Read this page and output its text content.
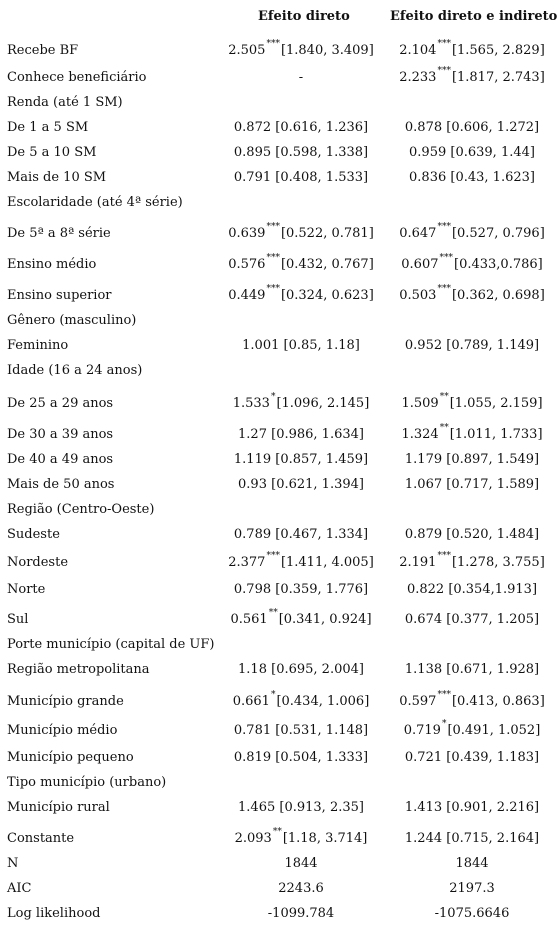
Efeito direto	Efeito direto e indireto
Recebe BF	2.505***[1.840, 3.409]	2.104***[1.565, 2.829]
Conhece beneficiário	-	2.233***[1.817, 2.743]
Renda (até 1 SM)
De 1 a 5 SM	0.872 [0.616, 1.236]	0.878 [0.606, 1.272]
De 5 a 10 SM	0.895 [0.598, 1.338]	0.959 [0.639, 1.44]
Mais de 10 SM	0.791 [0.408, 1.533]	0.836 [0.43, 1.623]
Escolaridade (até 4ª série)
De 5ª a 8ª série	0.639***[0.522, 0.781]	0.647***[0.527, 0.796]
Ensino médio	0.576***[0.432, 0.767]	0.607***[0.433,0.786]
Ensino superior	0.449***[0.324, 0.623]	0.503***[0.362, 0.698]
Gênero (masculino)
Feminino	1.001 [0.85, 1.18]	0.952 [0.789, 1.149]
Idade (16 a 24 anos)
De 25 a 29 anos	1.533*[1.096, 2.145]	1.509**[1.055, 2.159]
De 30 a 39 anos	1.27 [0.986, 1.634]	1.324**[1.011, 1.733]
De 40 a 49 anos	1.119 [0.857, 1.459]	1.179 [0.897, 1.549]
Mais de 50 anos	0.93 [0.621, 1.394]	1.067 [0.717, 1.589]
Região (Centro-Oeste)
Sudeste	0.789 [0.467, 1.334]	0.879 [0.520, 1.484]
Nordeste	2.377***[1.411, 4.005]	2.191***[1.278, 3.755]
Norte	0.798 [0.359, 1.776]	0.822 [0.354,1.913]
Sul	0.561**[0.341, 0.924]	0.674 [0.377, 1.205]
Porte município (capital de UF)
Região metropolitana	1.18 [0.695, 2.004]	1.138 [0.671, 1.928]
Município grande	0.661*[0.434, 1.006]	0.597***[0.413, 0.863]
Município médio	0.781 [0.531, 1.148]	0.719*[0.491, 1.052]
Município pequeno	0.819 [0.504, 1.333]	0.721 [0.439, 1.183]
Tipo município (urbano)
Município rural	1.465 [0.913, 2.35]	1.413 [0.901, 2.216]
Constante	2.093**[1.18, 3.714]	1.244 [0.715, 2.164]
N	1844	1844
AIC	2243.6	2197.3
Log likelihood	-1099.784	-1075.6646
